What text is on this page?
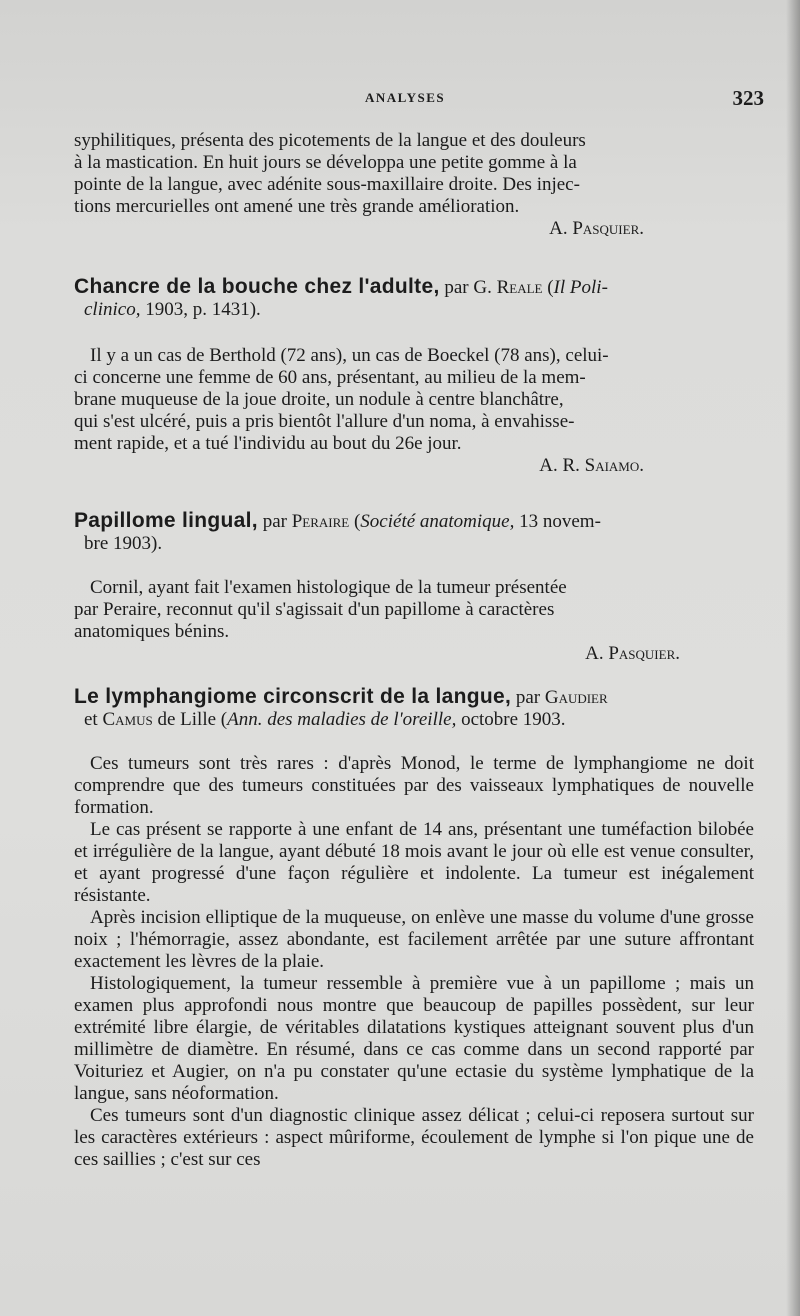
ANALYSES	323

syphilitiques, présenta des picotements de la langue et des douleurs

à la mastication. En huit jours se développa une petite gomme à la

pointe de la langue, avec adénite sous-maxillaire droite. Des injec-

tions mercurielles ont amené une très grande amélioration.

A. Pasquier.

Chancre de la bouche chez l'adulte, par G. Reale (Il Poli-

clinico, 1903, p. 1431).

Il y a un cas de Berthold (72 ans), un cas de Boeckel (78 ans), celui-

ci concerne une femme de 60 ans, présentant, au milieu de la mem-

brane muqueuse de la joue droite, un nodule à centre blanchâtre,

qui s'est ulcéré, puis a pris bientôt l'allure d'un noma, à envahisse-

ment rapide, et a tué l'individu au bout du 26e jour.

A. R. Saiamo.

Papillome lingual, par Peraire (Société anatomique, 13 novem-

bre 1903).

Cornil, ayant fait l'examen histologique de la tumeur présentée

par Peraire, reconnut qu'il s'agissait d'un papillome à caractères

anatomiques bénins.

A. Pasquier.

Le lymphangiome circonscrit de la langue, par Gaudier

et Camus de Lille (Ann. des maladies de l'oreille, octobre 1903.

Ces tumeurs sont très rares : d'après Monod, le terme de lymphangiome ne doit comprendre que des tumeurs constituées par des vaisseaux lymphatiques de nouvelle formation.

Le cas présent se rapporte à une enfant de 14 ans, présentant une tuméfaction bilobée et irrégulière de la langue, ayant débuté 18 mois avant le jour où elle est venue consulter, et ayant progressé d'une façon régulière et indolente. La tumeur est inégalement résistante.

Après incision elliptique de la muqueuse, on enlève une masse du volume d'une grosse noix ; l'hémorragie, assez abondante, est facilement arrêtée par une suture affrontant exactement les lèvres de la plaie.

Histologiquement, la tumeur ressemble à première vue à un papillome ; mais un examen plus approfondi nous montre que beaucoup de papilles possèdent, sur leur extrémité libre élargie, de véritables dilatations kystiques atteignant souvent plus d'un millimètre de diamètre. En résumé, dans ce cas comme dans un second rapporté par Voituriez et Augier, on n'a pu constater qu'une ectasie du système lymphatique de la langue, sans néoformation.

Ces tumeurs sont d'un diagnostic clinique assez délicat ; celui-ci reposera surtout sur les caractères extérieurs : aspect mûriforme, écoulement de lymphe si l'on pique une de ces saillies ; c'est sur ces
